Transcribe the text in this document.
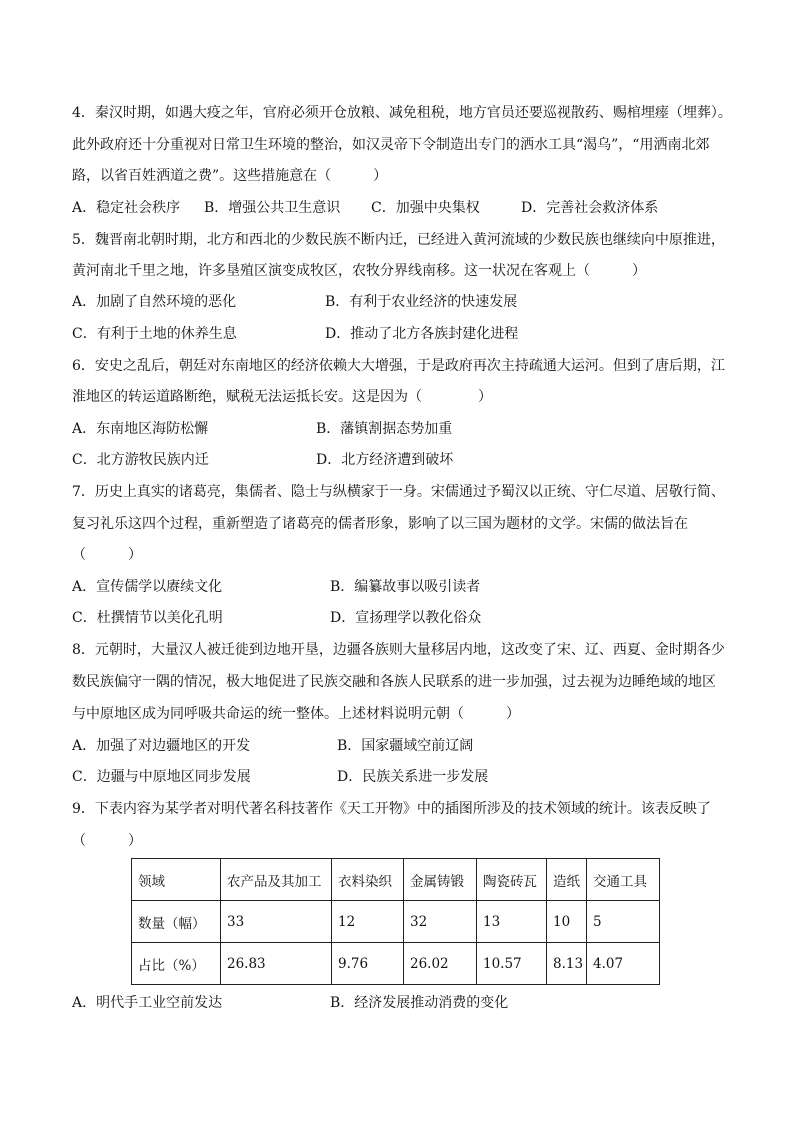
4．秦汉时期，如遇大疫之年，官府必须开仓放粮、减免租税，地方官员还要巡视散药、赐棺埋瘗（埋葬）。
此外政府还十分重视对日常卫生环境的整治，如汉灵帝下令制造出专门的洒水工具“渴乌”，“用洒南北郊
路，以省百姓洒道之费”。这些措施意在（　　　）
A．稳定社会秩序 B．增强公共卫生意识 C．加强中央集权	D．完善社会救济体系
5．魏晋南北朝时期，北方和西北的少数民族不断内迁，已经进入黄河流域的少数民族也继续向中原推进，
黄河南北千里之地，许多垦殖区演变成牧区，农牧分界线南移。这一状况在客观上（　　　）
A．加剧了自然环境的恶化	B．有利于农业经济的快速发展
C．有利于土地的休养生息	D．推动了北方各族封建化进程
6．安史之乱后，朝廷对东南地区的经济依赖大大增强，于是政府再次主持疏通大运河。但到了唐后期，江
淮地区的转运道路断绝，赋税无法运抵长安。这是因为（　　　　）
A．东南地区海防松懈	B．藩镇割据态势加重
C．北方游牧民族内迁	D．北方经济遭到破坏
7．历史上真实的诸葛亮，集儒者、隐士与纵横家于一身。宋儒通过予蜀汉以正统、守仁尽道、居敬行简、
复习礼乐这四个过程，重新塑造了诸葛亮的儒者形象，影响了以三国为题材的文学。宋儒的做法旨在
（　　　）
A．宣传儒学以赓续文化	B．编纂故事以吸引读者
C．杜撰情节以美化孔明	D．宣扬理学以教化俗众
8．元朝时，大量汉人被迁徙到边地开垦，边疆各族则大量移居内地，这改变了宋、辽、西夏、金时期各少
数民族偏守一隅的情况，极大地促进了民族交融和各族人民联系的进一步加强，过去视为边睡绝域的地区
与中原地区成为同呼吸共命运的统一整体。上述材料说明元朝（　　　）
A．加强了对边疆地区的开发	B．国家疆域空前辽阔
C．边疆与中原地区同步发展	D．民族关系进一步发展
9．下表内容为某学者对明代著名科技著作《天工开物》中的插图所涉及的技术领域的统计。该表反映了
（　　　）
领域	农产品及其加工	衣料染织	金属铸锻	陶瓷砖瓦	造纸	交通工具
数量（幅）	33	12	32	13	10	5
占比（%）	26.83	9.76	26.02	10.57	8.13	4.07
A．明代手工业空前发达	B．经济发展推动消费的变化
